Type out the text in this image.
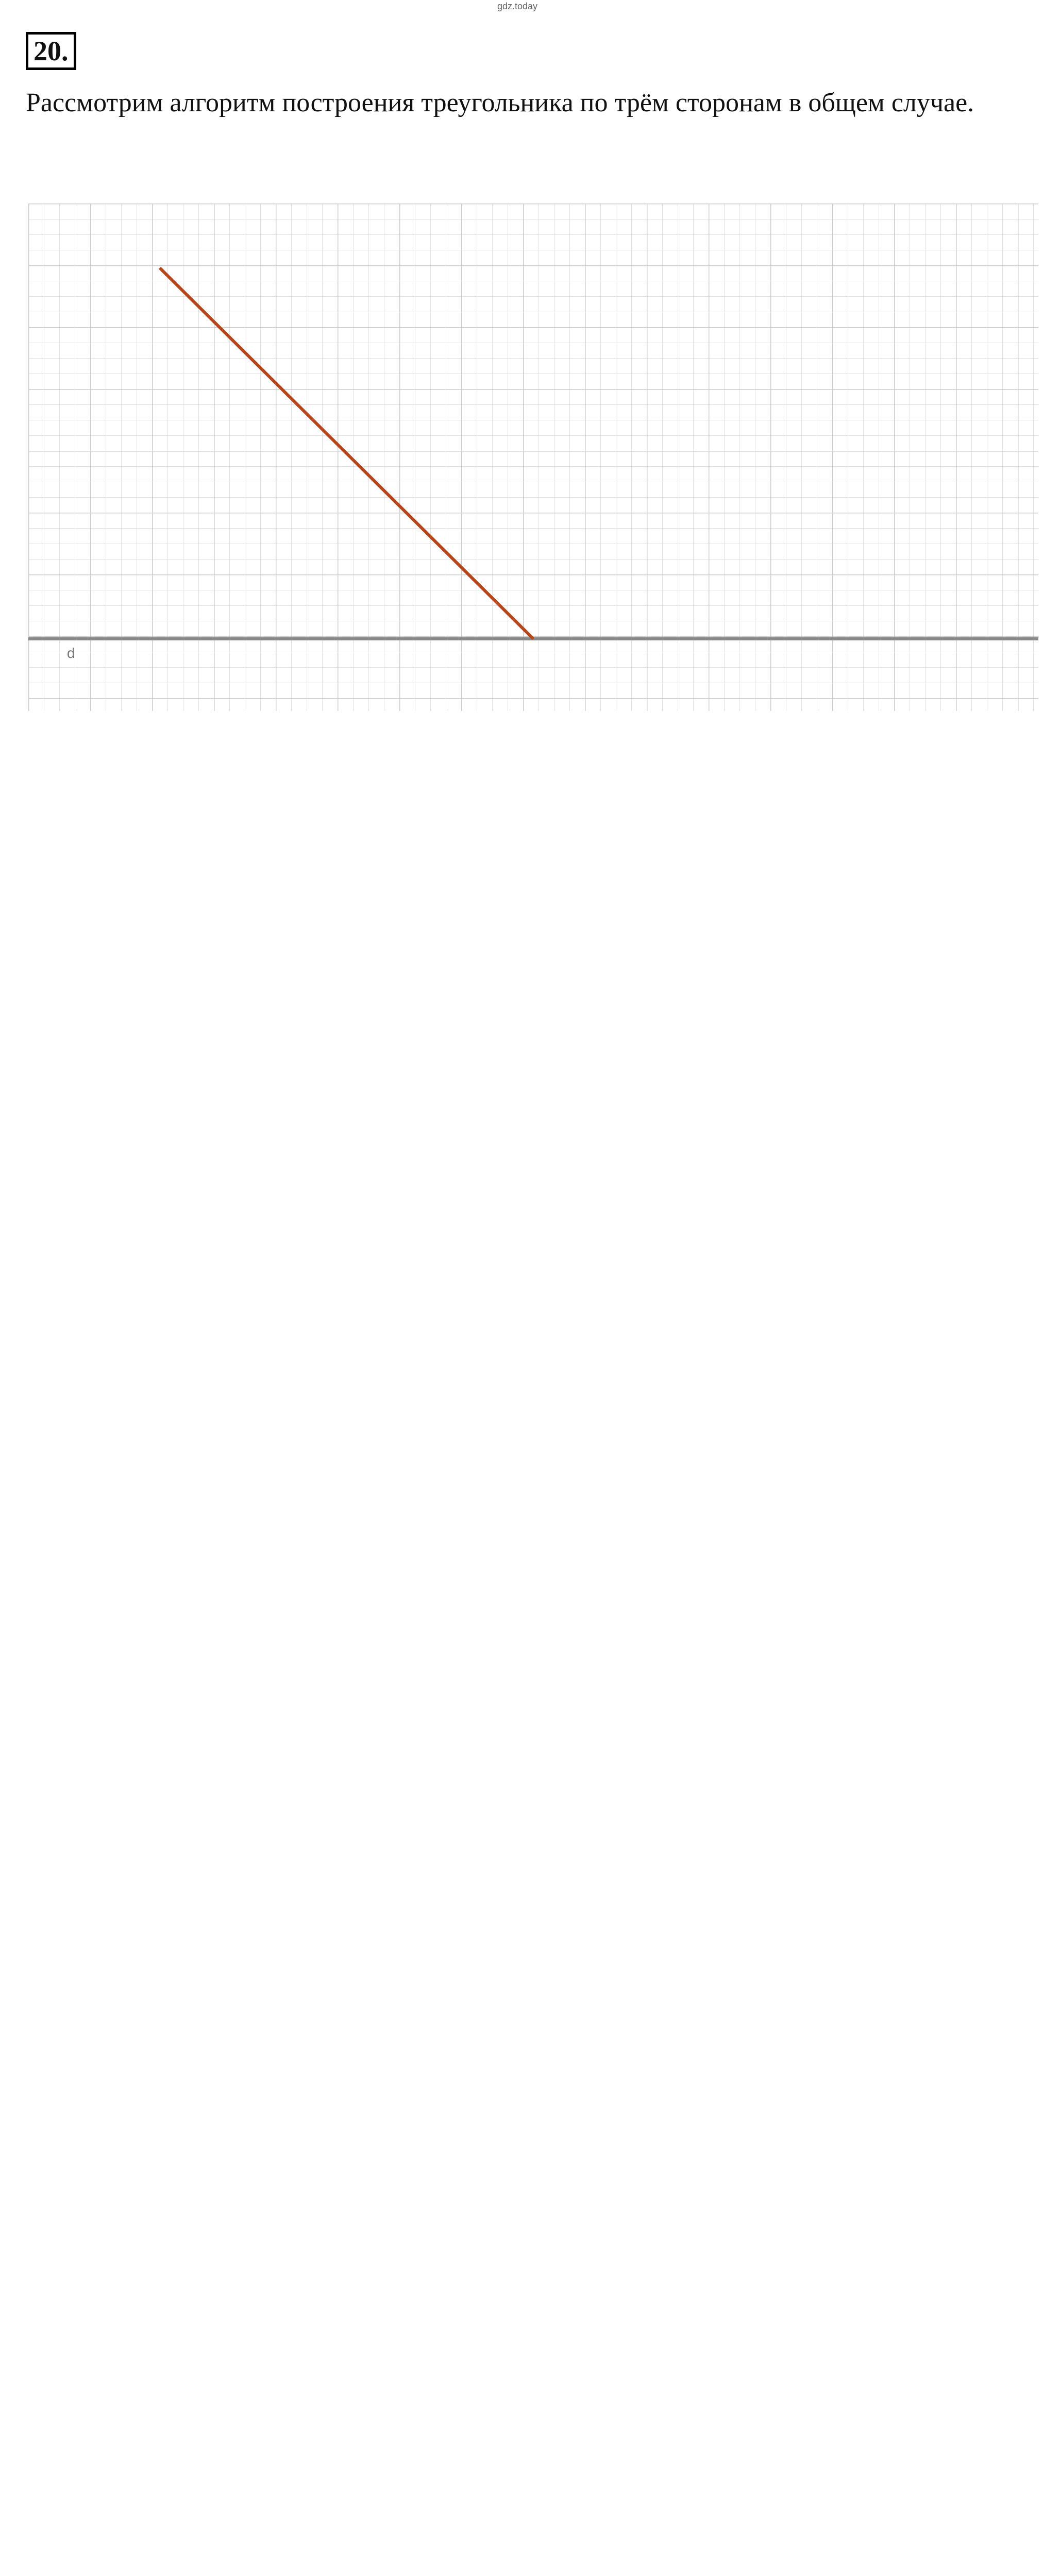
gdz.today
20.
Рассмотрим алгоритм построения треугольника по трём сторонам в общем случае.
d
